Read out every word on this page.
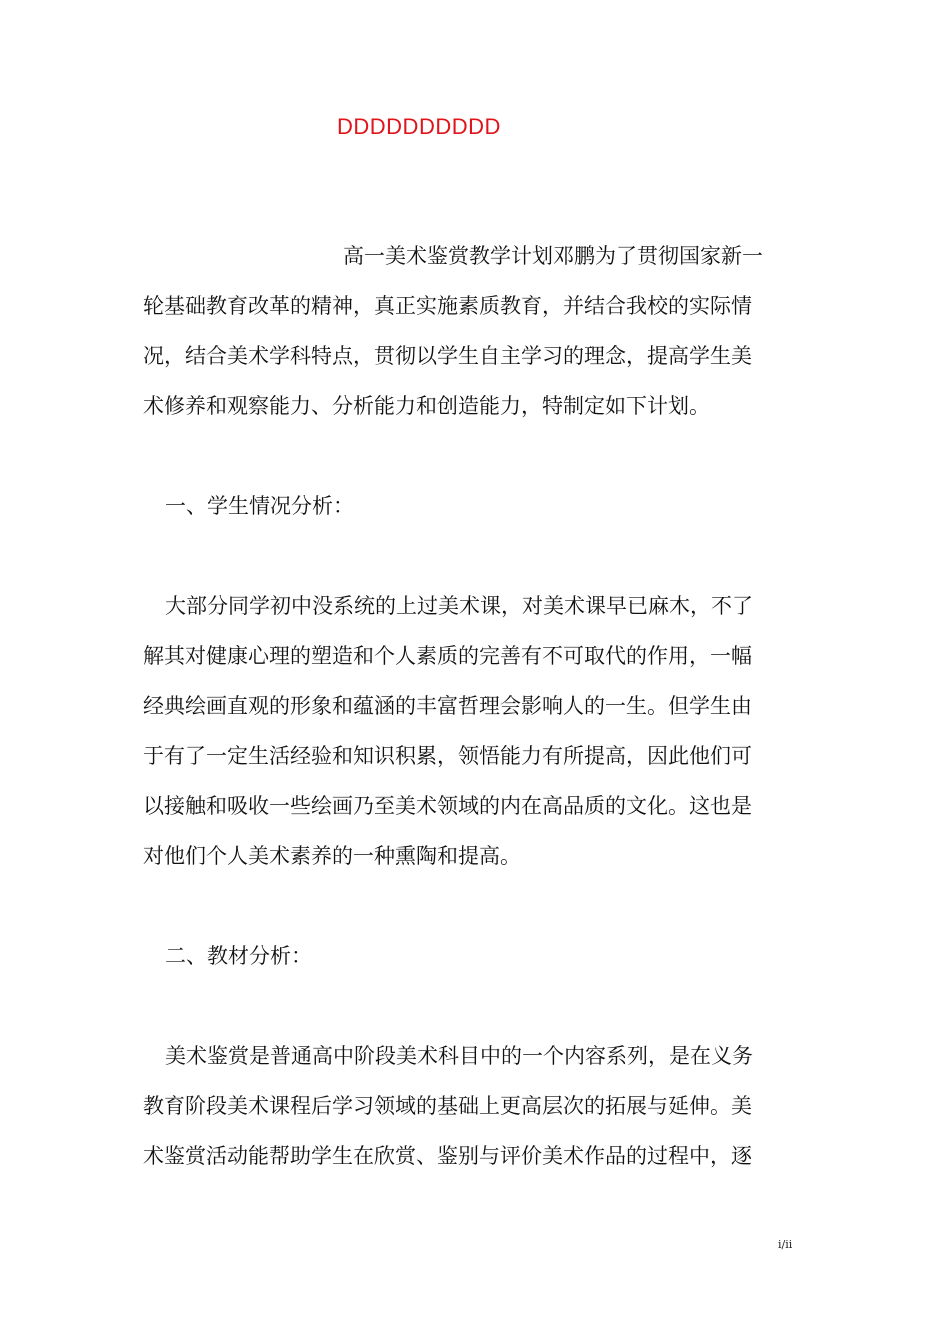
DDDDDDDDDD
高一美术鉴赏教学计划邓鹏为了贯彻国家新一
轮基础教育改革的精神，真正实施素质教育，并结合我校的实际情
况，结合美术学科特点，贯彻以学生自主学习的理念，提高学生美
术修养和观察能力、分析能力和创造能力，特制定如下计划。
一、学生情况分析：
大部分同学初中没系统的上过美术课，对美术课早已麻木，不了
解其对健康心理的塑造和个人素质的完善有不可取代的作用，一幅
经典绘画直观的形象和蕴涵的丰富哲理会影响人的一生。但学生由
于有了一定生活经验和知识积累，领悟能力有所提高，因此他们可
以接触和吸收一些绘画乃至美术领域的内在高品质的文化。这也是
对他们个人美术素养的一种熏陶和提高。
二、教材分析：
美术鉴赏是普通高中阶段美术科目中的一个内容系列，是在义务
教育阶段美术课程后学习领域的基础上更高层次的拓展与延伸。美
术鉴赏活动能帮助学生在欣赏、鉴别与评价美术作品的过程中，逐
i/ii
